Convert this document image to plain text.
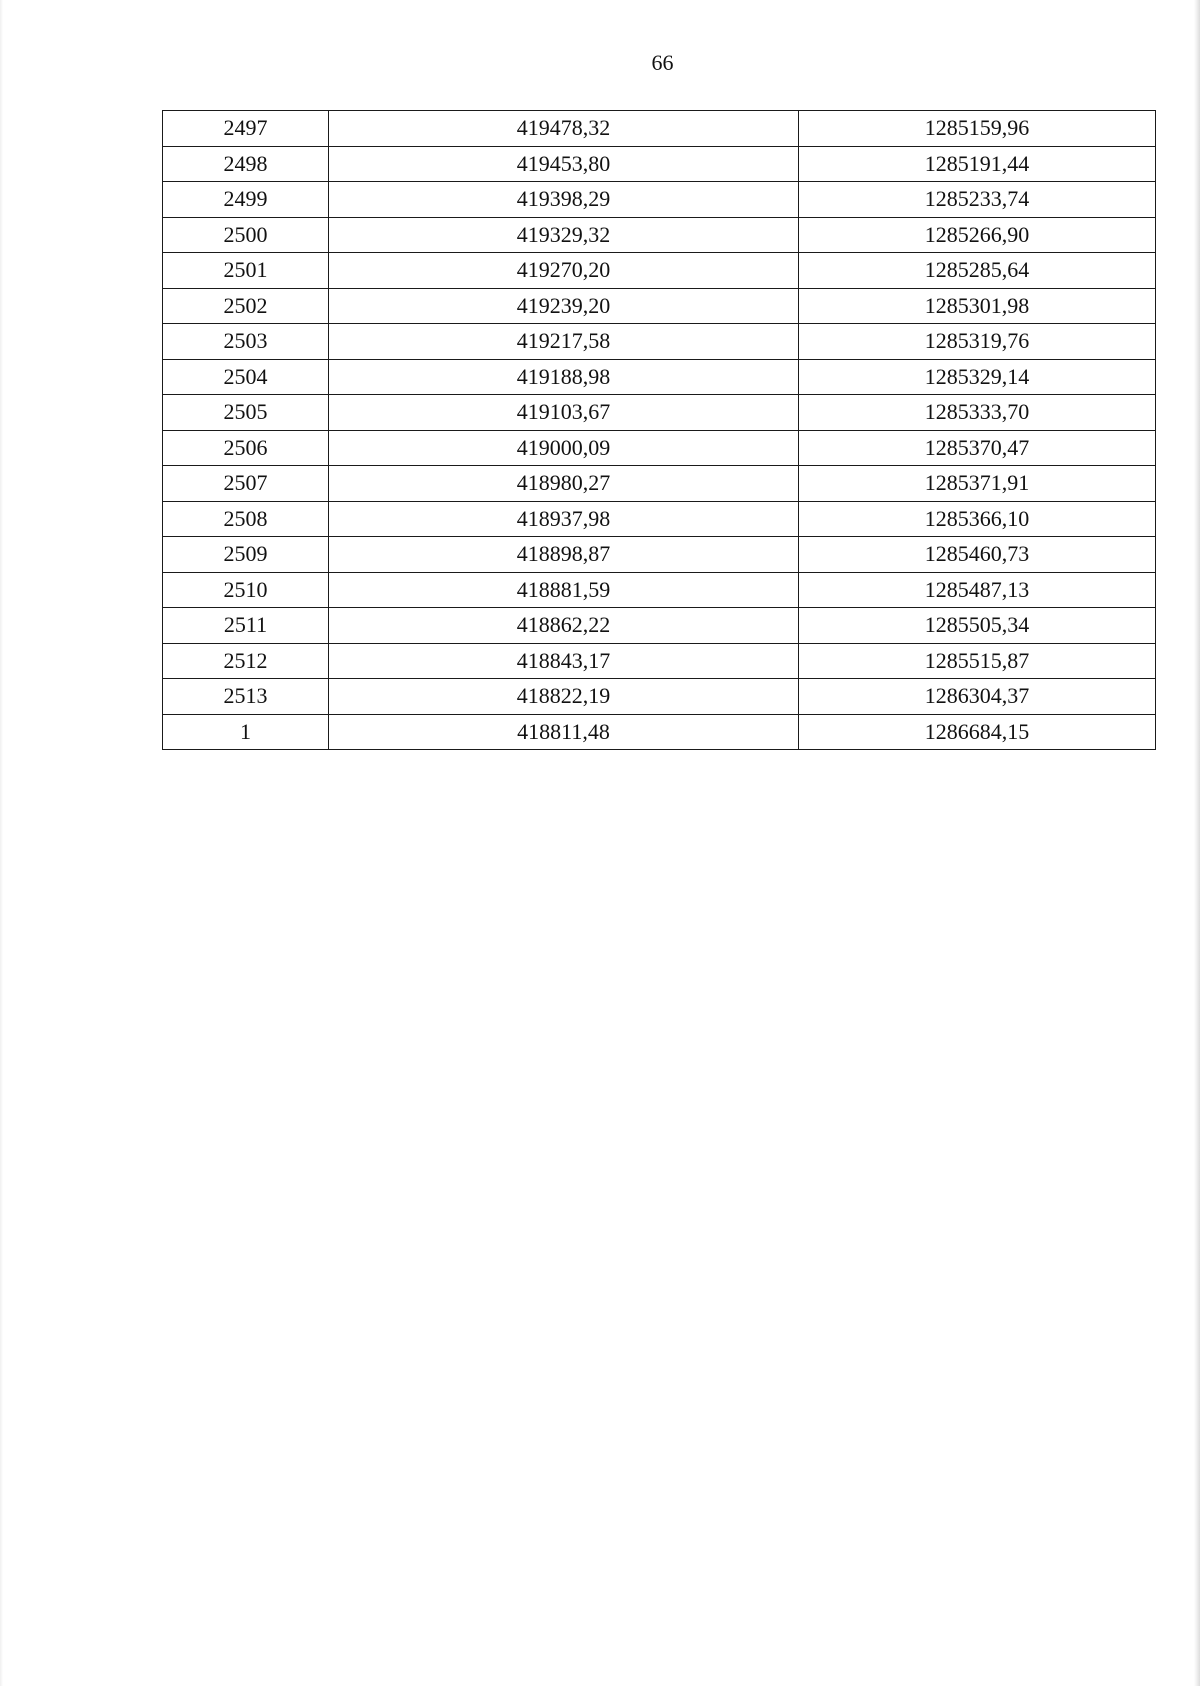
66
2497	419478,32	1285159,96
2498	419453,80	1285191,44
2499	419398,29	1285233,74
2500	419329,32	1285266,90
2501	419270,20	1285285,64
2502	419239,20	1285301,98
2503	419217,58	1285319,76
2504	419188,98	1285329,14
2505	419103,67	1285333,70
2506	419000,09	1285370,47
2507	418980,27	1285371,91
2508	418937,98	1285366,10
2509	418898,87	1285460,73
2510	418881,59	1285487,13
2511	418862,22	1285505,34
2512	418843,17	1285515,87
2513	418822,19	1286304,37
1	418811,48	1286684,15
